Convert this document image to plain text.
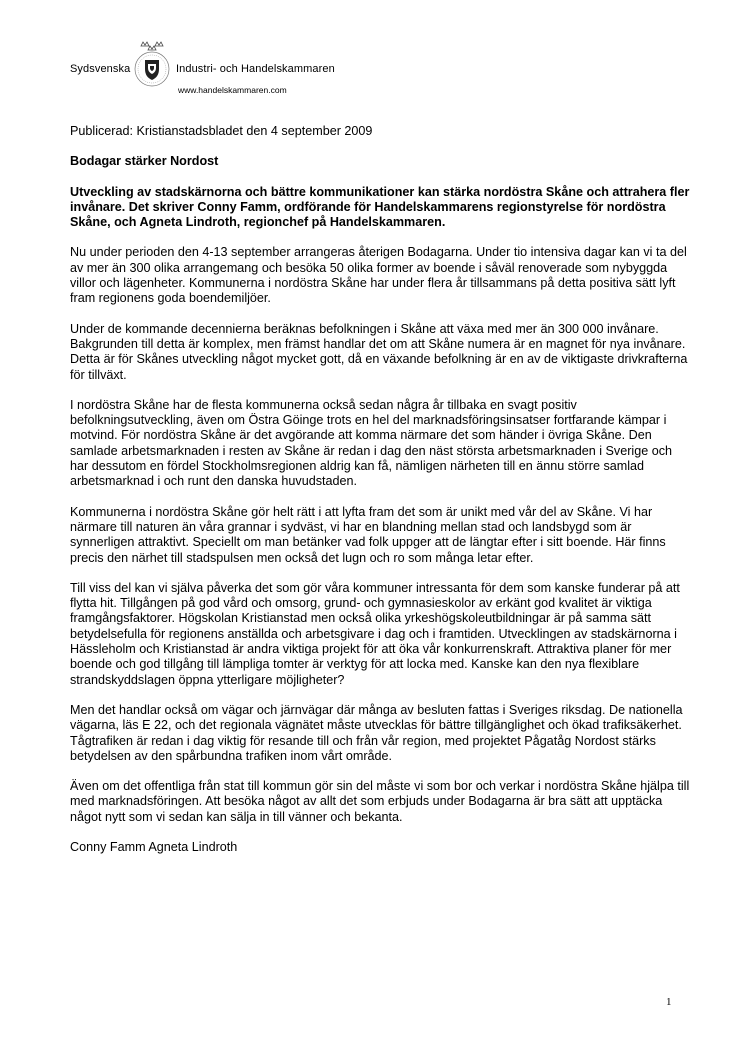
Sydsvenska	Industri- och Handelskammaren
www.handelskammaren.com

Publicerad: Kristianstadsbladet den 4 september 2009

Bodagar stärker Nordost

Utveckling av stadskärnorna och bättre kommunikationer kan stärka nordöstra Skåne och attrahera fler invånare. Det skriver Conny Famm, ordförande för Handelskammarens regionstyrelse för nordöstra Skåne, och Agneta Lindroth, regionchef på Handelskammaren.

Nu under perioden den 4-13 september arrangeras återigen Bodagarna. Under tio intensiva dagar kan vi ta del av mer än 300 olika arrangemang och besöka 50 olika former av boende i såväl renoverade som nybyggda villor och lägenheter. Kommunerna i nordöstra Skåne har under flera år tillsammans på detta positiva sätt lyft fram regionens goda boendemiljöer.

Under de kommande decennierna beräknas befolkningen i Skåne att växa med mer än 300 000 invånare. Bakgrunden till detta är komplex, men främst handlar det om att Skåne numera är en magnet för nya invånare. Detta är för Skånes utveckling något mycket gott, då en växande befolkning är en av de viktigaste drivkrafterna för tillväxt.

I nordöstra Skåne har de flesta kommunerna också sedan några år tillbaka en svagt positiv befolkningsutveckling, även om Östra Göinge trots en hel del marknadsföringsinsatser fortfarande kämpar i motvind. För nordöstra Skåne är det avgörande att komma närmare det som händer i övriga Skåne. Den samlade arbetsmarknaden i resten av Skåne är redan i dag den näst största arbetsmarknaden i Sverige och har dessutom en fördel Stockholmsregionen aldrig kan få, nämligen närheten till en ännu större samlad arbetsmarknad i och runt den danska huvudstaden.

Kommunerna i nordöstra Skåne gör helt rätt i att lyfta fram det som är unikt med vår del av Skåne. Vi har närmare till naturen än våra grannar i sydväst, vi har en blandning mellan stad och landsbygd som är synnerligen attraktivt. Speciellt om man betänker vad folk uppger att de längtar efter i sitt boende. Här finns precis den närhet till stadspulsen men också det lugn och ro som många letar efter.

Till viss del kan vi själva påverka det som gör våra kommuner intressanta för dem som kanske funderar på att flytta hit. Tillgången på god vård och omsorg, grund- och gymnasieskolor av erkänt god kvalitet är viktiga framgångsfaktorer. Högskolan Kristianstad men också olika yrkeshögskoleutbildningar är på samma sätt betydelsefulla för regionens anställda och arbetsgivare i dag och i framtiden. Utvecklingen av stadskärnorna i Hässleholm och Kristianstad är andra viktiga projekt för att öka vår konkurrenskraft. Attraktiva planer för mer boende och god tillgång till lämpliga tomter är verktyg för att locka med. Kanske kan den nya flexiblare strandskyddslagen öppna ytterligare möjligheter?

Men det handlar också om vägar och järnvägar där många av besluten fattas i Sveriges riksdag. De nationella vägarna, läs E 22, och det regionala vägnätet måste utvecklas för bättre tillgänglighet och ökad trafiksäkerhet. Tågtrafiken är redan i dag viktig för resande till och från vår region, med projektet Pågatåg Nordost stärks betydelsen av den spårbundna trafiken inom vårt område.

Även om det offentliga från stat till kommun gör sin del måste vi som bor och verkar i nordöstra Skåne hjälpa till med marknadsföringen. Att besöka något av allt det som erbjuds under Bodagarna är bra sätt att upptäcka något nytt som vi sedan kan sälja in till vänner och bekanta.

Conny Famm Agneta Lindroth

1
